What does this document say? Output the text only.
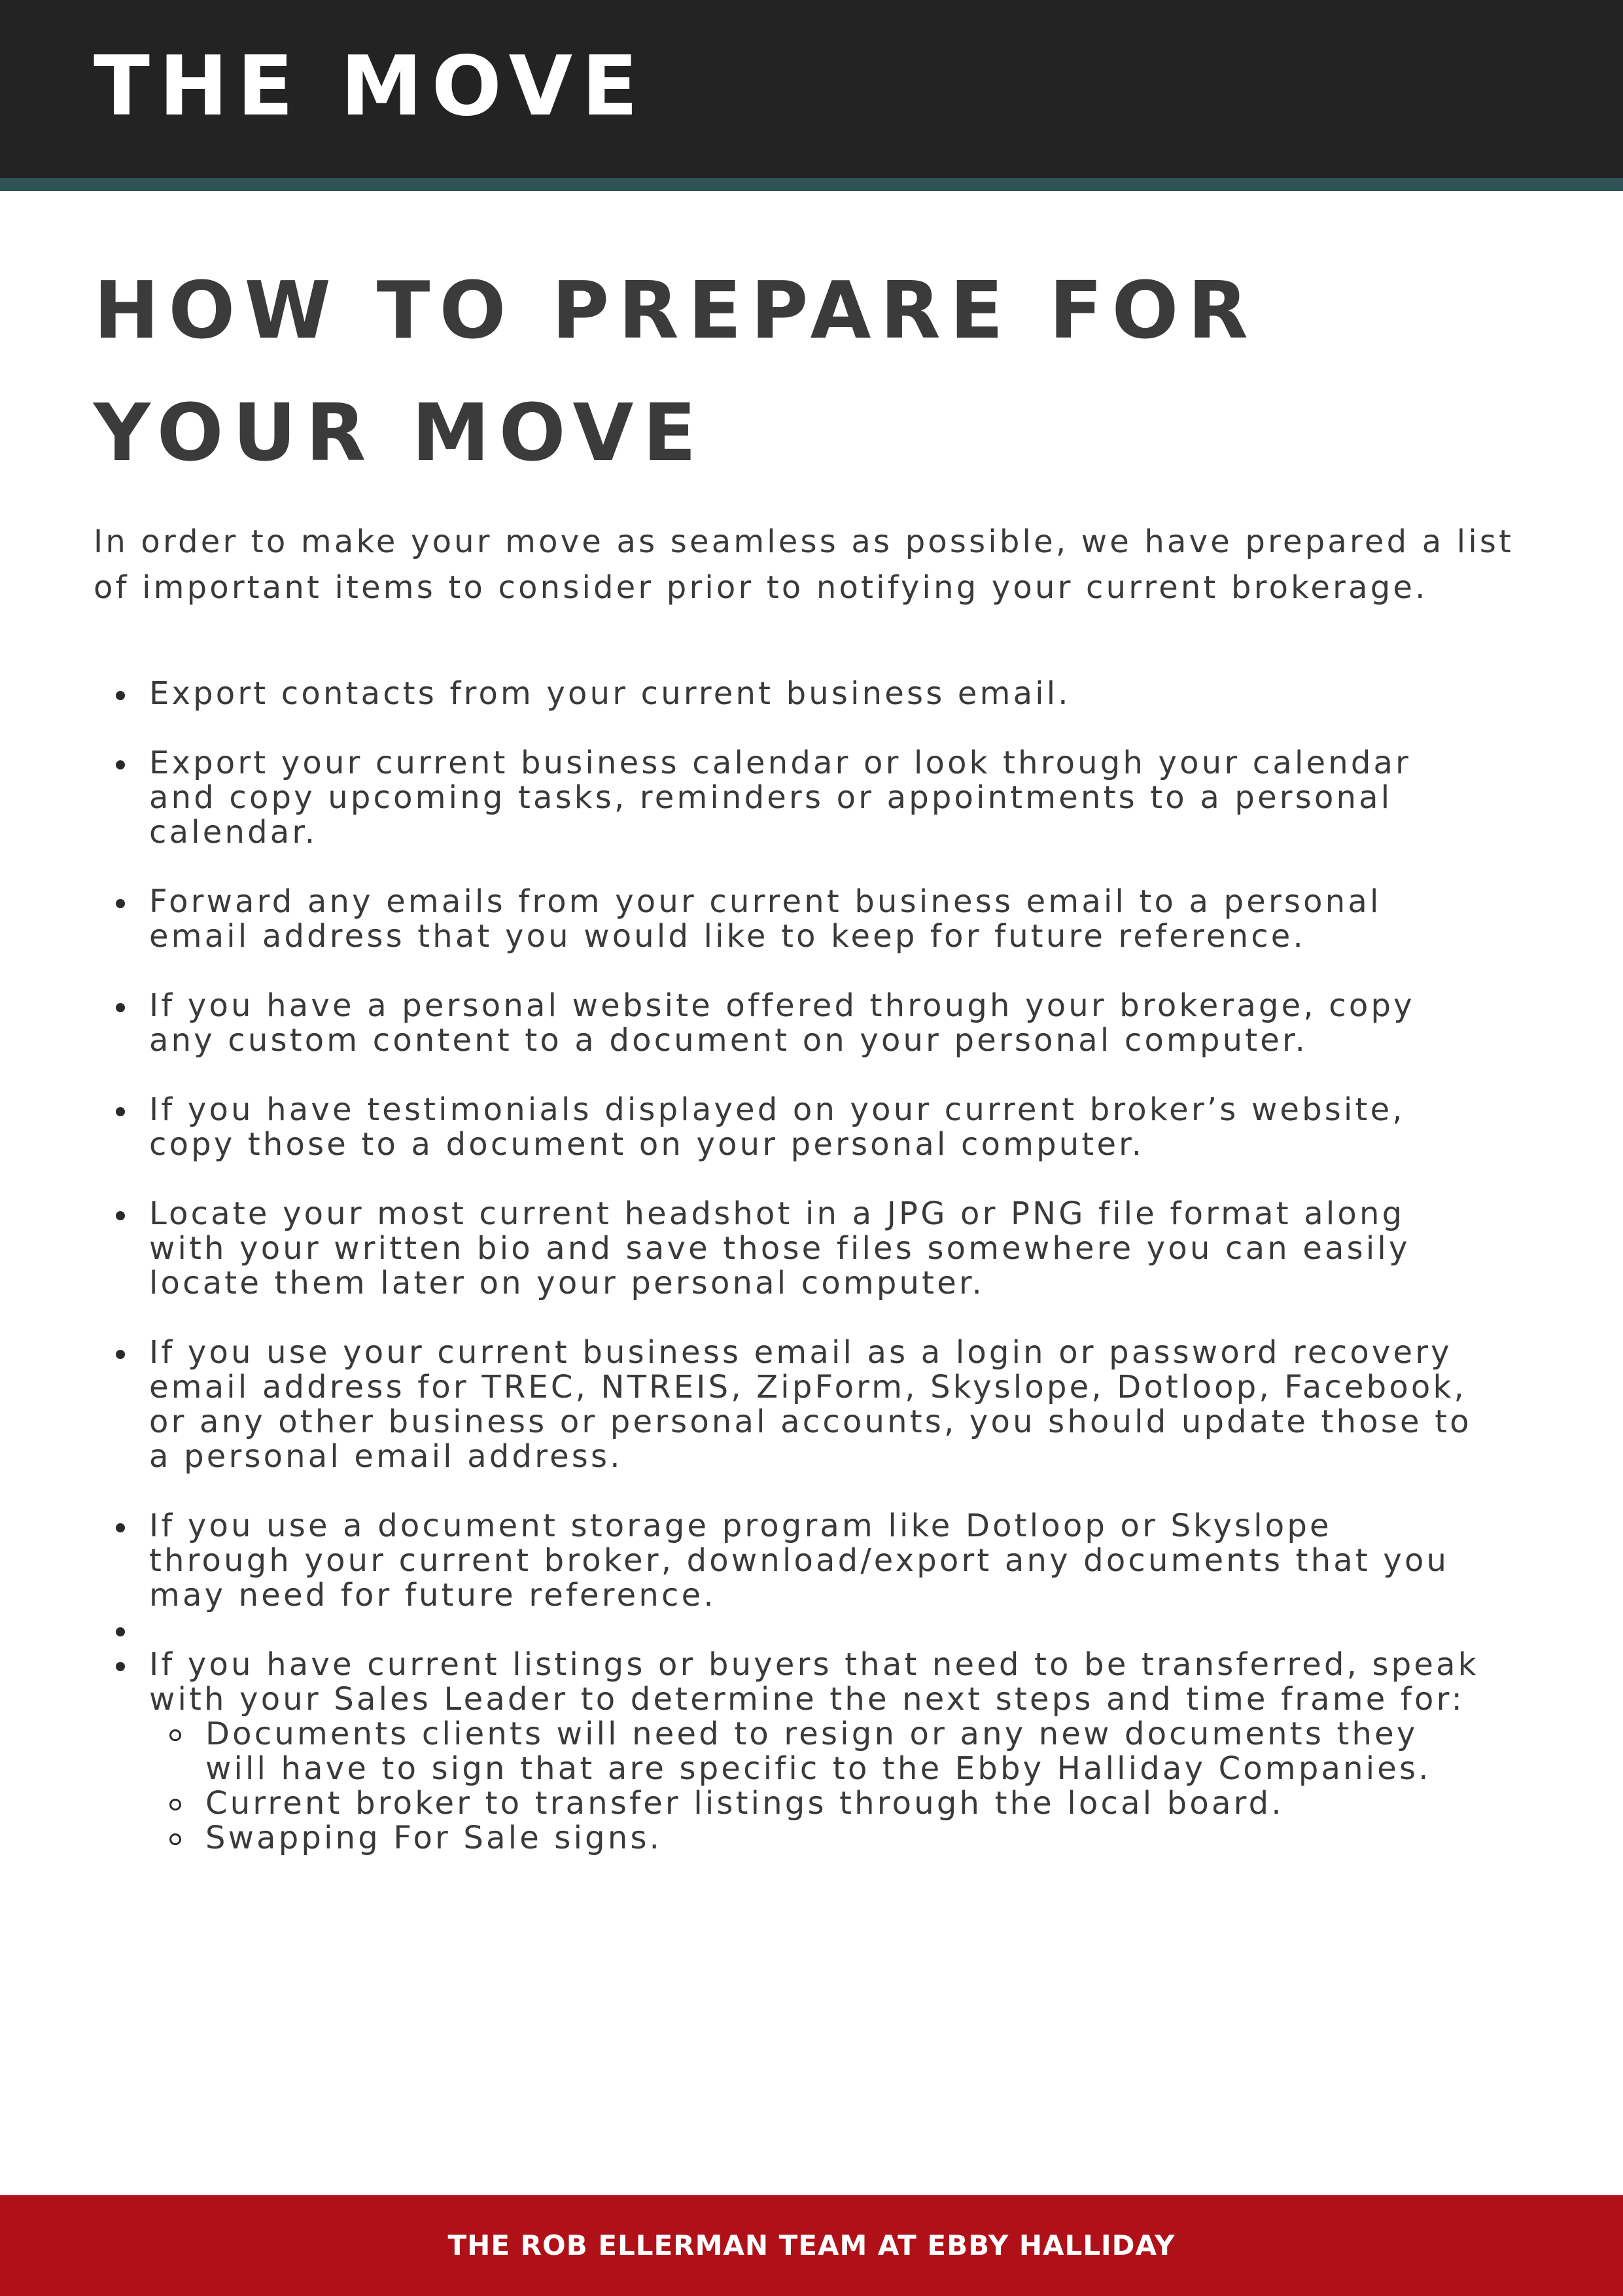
THE MOVE
HOW TO PREPARE FOR
YOUR MOVE

In order to make your move as seamless as possible, we have prepared a list
of important items to consider prior to notifying your current brokerage.

Export contacts from your current business email.
Export your current business calendar or look through your calendar
and copy upcoming tasks, reminders or appointments to a personal
calendar.
Forward any emails from your current business email to a personal
email address that you would like to keep for future reference.
If you have a personal website offered through your brokerage, copy
any custom content to a document on your personal computer.
If you have testimonials displayed on your current broker’s website,
copy those to a document on your personal computer.
Locate your most current headshot in a JPG or PNG file format along
with your written bio and save those files somewhere you can easily
locate them later on your personal computer.
If you use your current business email as a login or password recovery
email address for TREC, NTREIS, ZipForm, Skyslope, Dotloop, Facebook,
or any other business or personal accounts, you should update those to
a personal email address.
If you use a document storage program like Dotloop or Skyslope
through your current broker, download/export any documents that you
may need for future reference.
If you have current listings or buyers that need to be transferred, speak
with your Sales Leader to determine the next steps and time frame for:
Documents clients will need to resign or any new documents they
will have to sign that are specific to the Ebby Halliday Companies.
Current broker to transfer listings through the local board.
Swapping For Sale signs.
THE ROB ELLERMAN TEAM AT EBBY HALLIDAY
